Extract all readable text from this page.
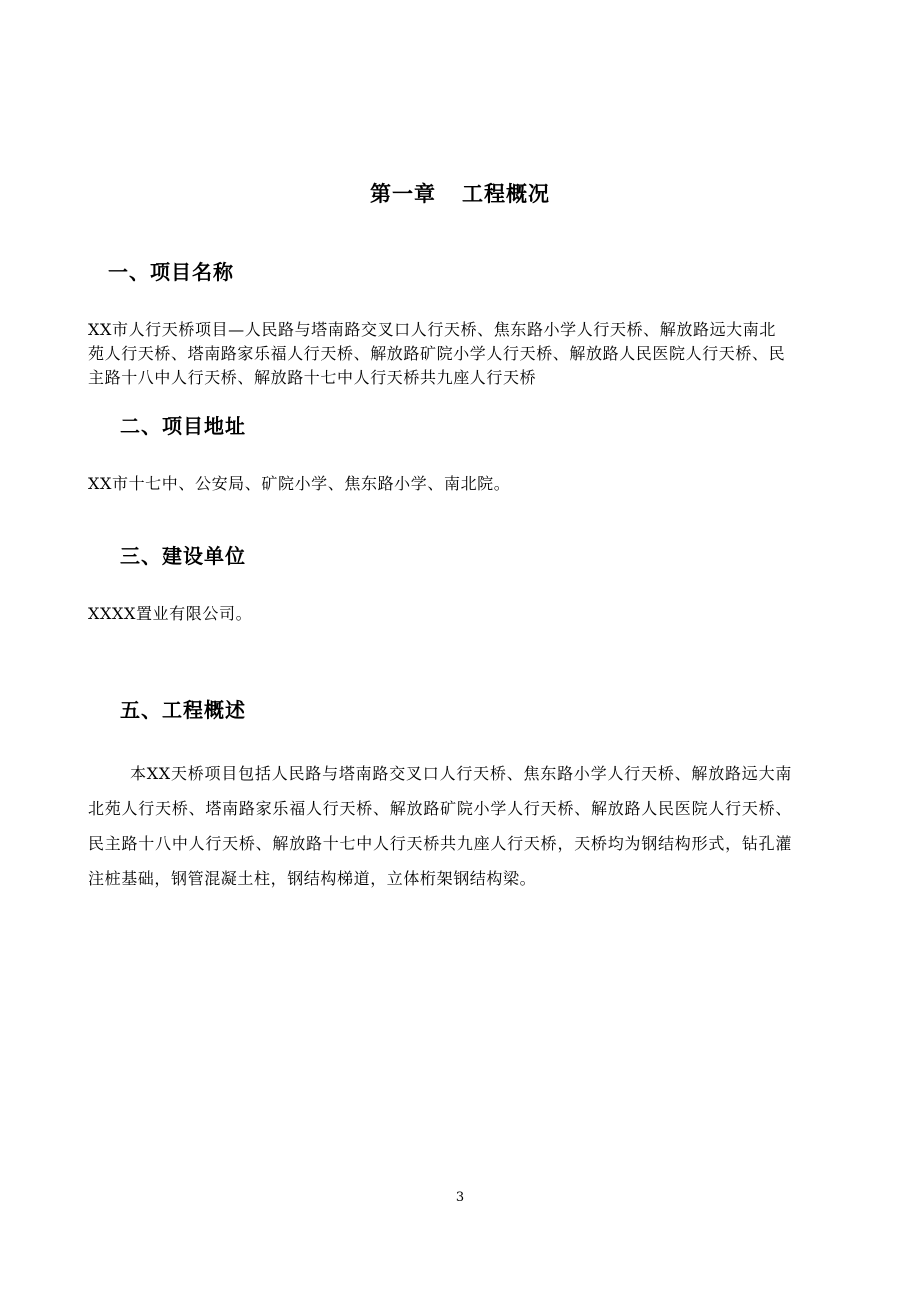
第一章 工程概况
一、项目名称
XX市人行天桥项目—人民路与塔南路交叉口人行天桥、焦东路小学人行天桥、解放路远大南北苑人行天桥、塔南路家乐福人行天桥、解放路矿院小学人行天桥、解放路人民医院人行天桥、民主路十八中人行天桥、解放路十七中人行天桥共九座人行天桥
二、项目地址
XX市十七中、公安局、矿院小学、焦东路小学、南北院。
三、建设单位
XXXX置业有限公司。
五、工程概述
本XX天桥项目包括人民路与塔南路交叉口人行天桥、焦东路小学人行天桥、解放路远大南北苑人行天桥、塔南路家乐福人行天桥、解放路矿院小学人行天桥、解放路人民医院人行天桥、民主路十八中人行天桥、解放路十七中人行天桥共九座人行天桥，天桥均为钢结构形式，钻孔灌注桩基础，钢管混凝土柱，钢结构梯道，立体桁架钢结构梁。
3
